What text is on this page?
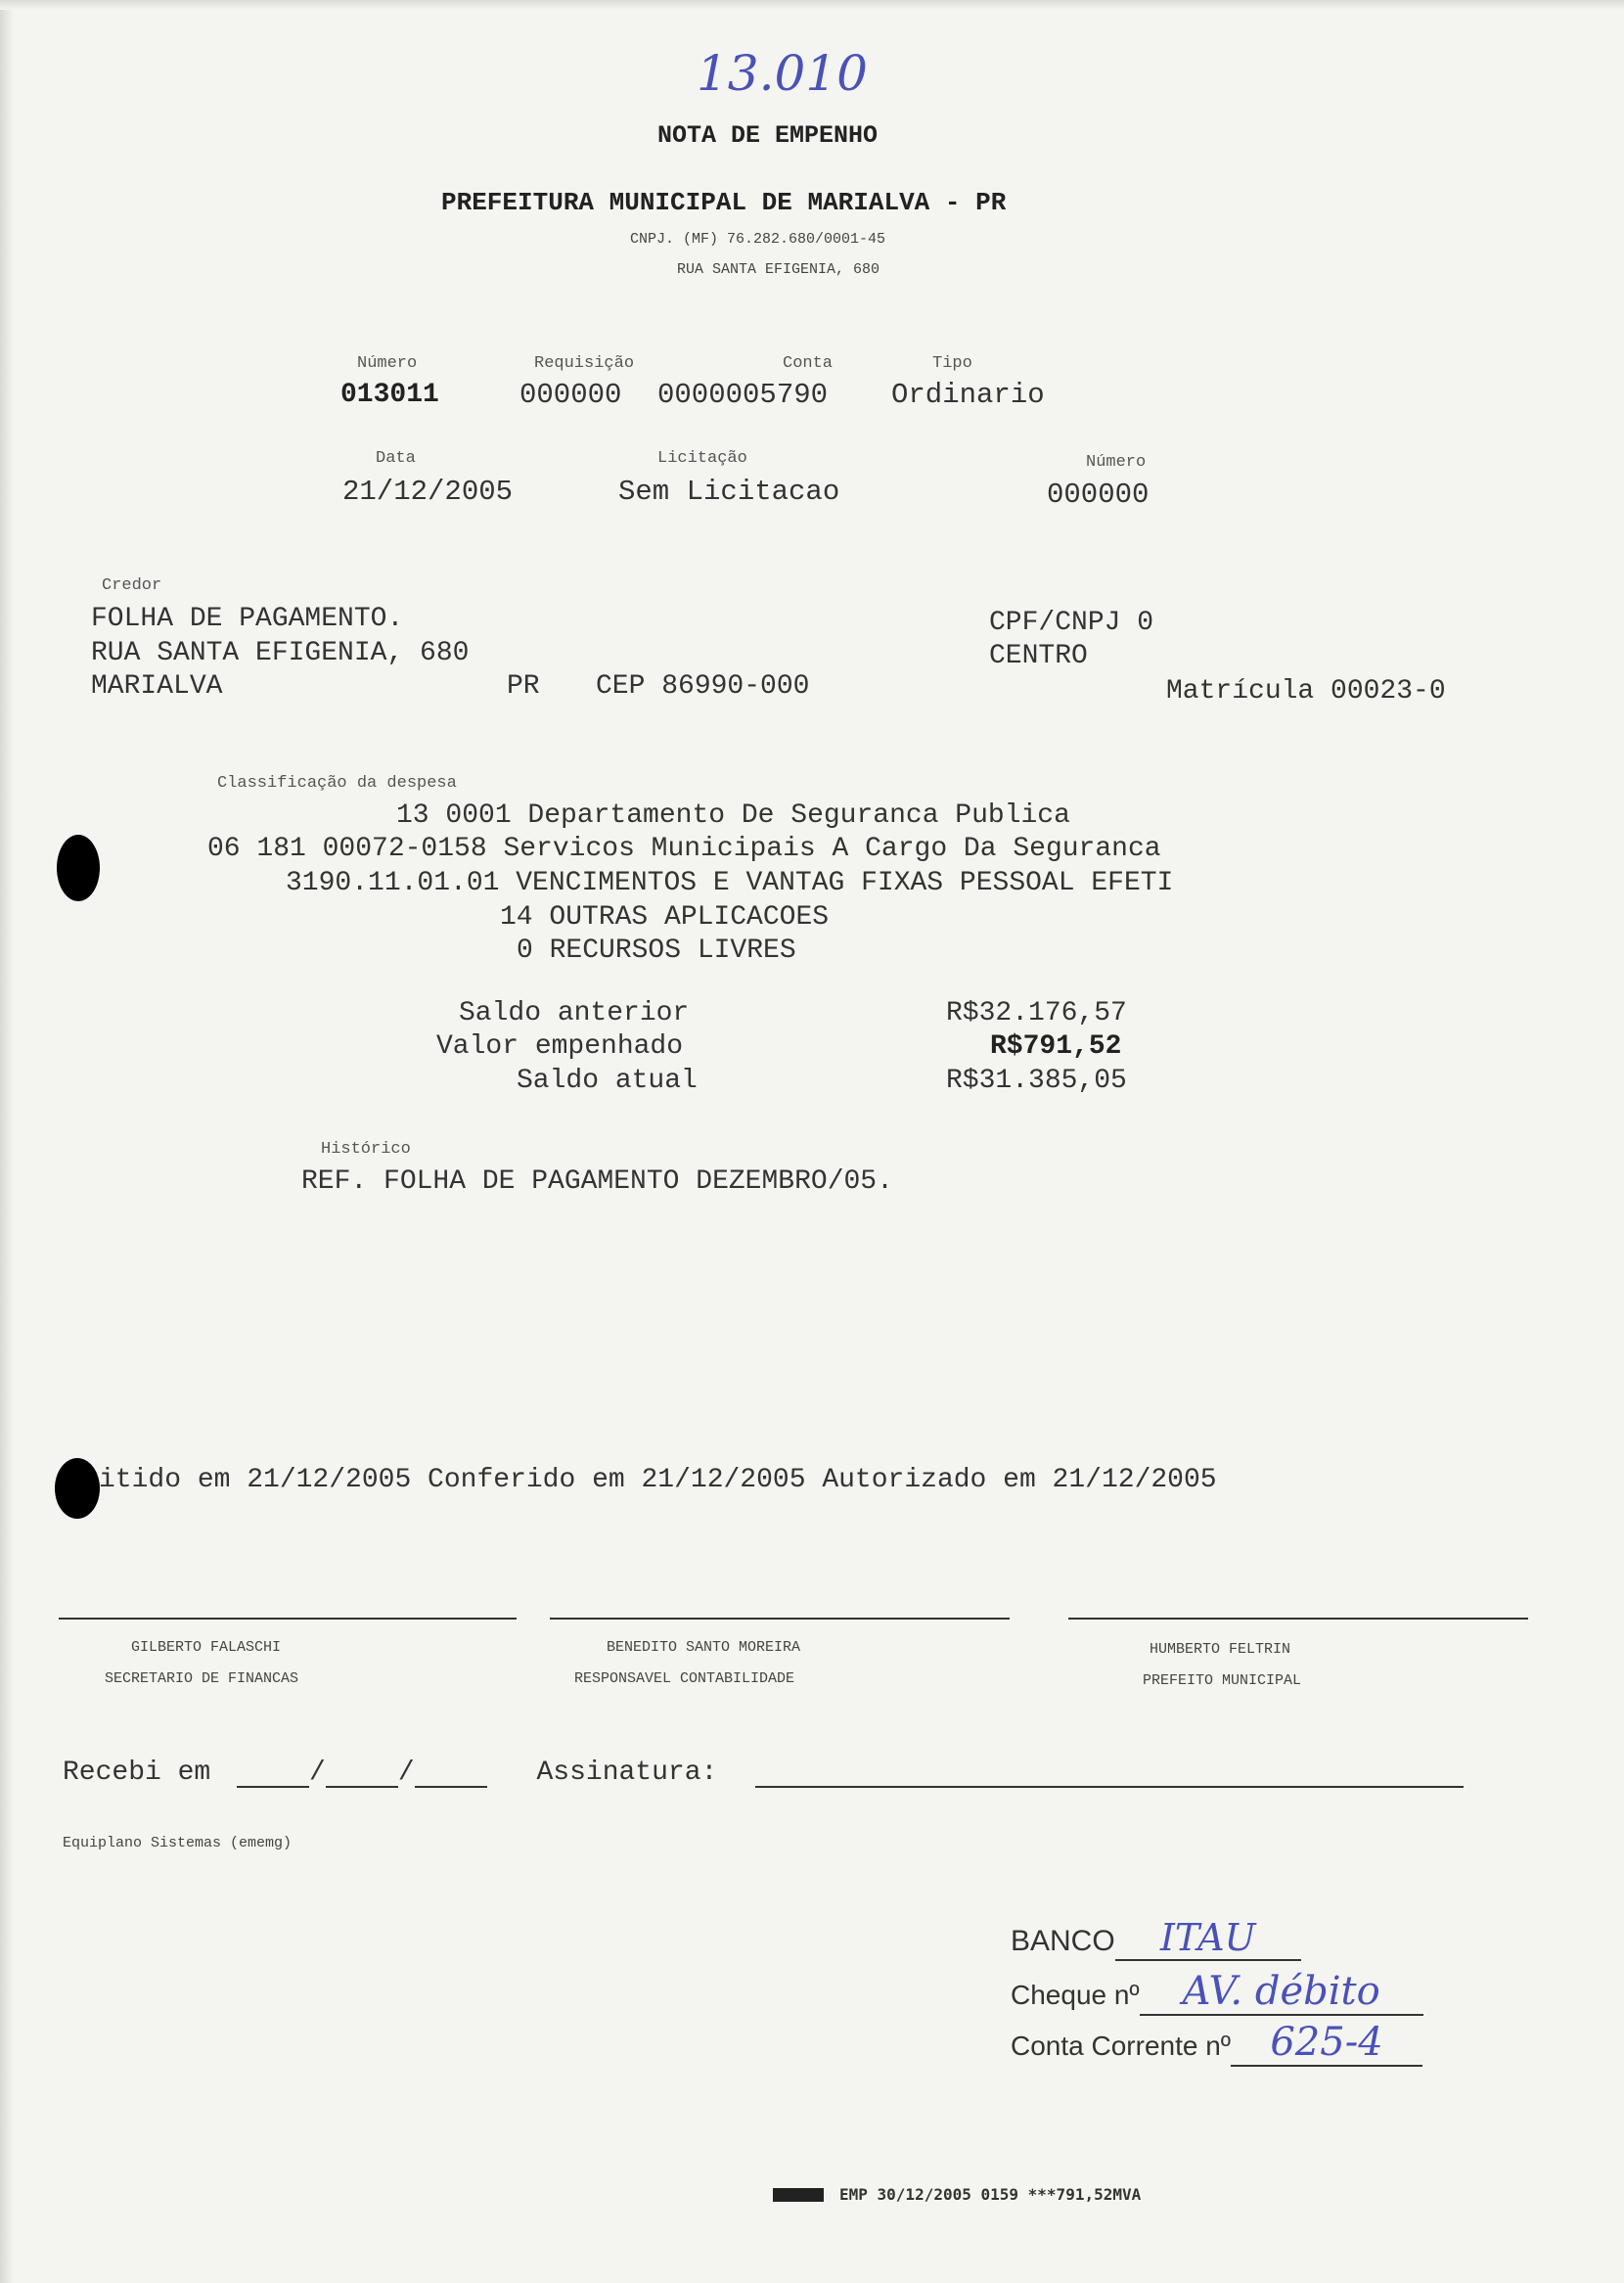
13.010
NOTA DE EMPENHO
PREFEITURA MUNICIPAL DE MARIALVA - PR
CNPJ. (MF) 76.282.680/0001-45
RUA SANTA EFIGENIA, 680
Número
013011
Requisição
000000
Conta
0000005790
Tipo
Ordinario
Data
21/12/2005
Licitação
Sem Licitacao
Número
000000
Credor
FOLHA DE PAGAMENTO.
RUA SANTA EFIGENIA, 680
MARIALVA	PR CEP 86990-000
CPF/CNPJ 0
CENTRO
Matrícula 00023-0
Classificação da despesa
13 0001 Departamento De Seguranca Publica
06 181 00072-0158 Servicos Municipais A Cargo Da Seguranca
3190.11.01.01 VENCIMENTOS E VANTAG FIXAS PESSOAL EFETI
14 OUTRAS APLICACOES
0 RECURSOS LIVRES
Saldo anterior	R$32.176,57
Valor empenhado	R$791,52
Saldo atual	R$31.385,05
Histórico
REF. FOLHA DE PAGAMENTO DEZEMBRO/05.
itido em 21/12/2005 Conferido em 21/12/2005 Autorizado em 21/12/2005
GILBERTO FALASCHI
SECRETARIO DE FINANCAS
BENEDITO SANTO MOREIRA
RESPONSAVEL CONTABILIDADE
HUMBERTO FELTRIN
PREFEITO MUNICIPAL
Recebi em	/	/	Assinatura:
Equiplano Sistemas (ememg)
BANCO ITAU
Cheque nº AV. débito
Conta Corrente nº 625-4
EMP 30/12/2005 0159 ***791,52MVA
